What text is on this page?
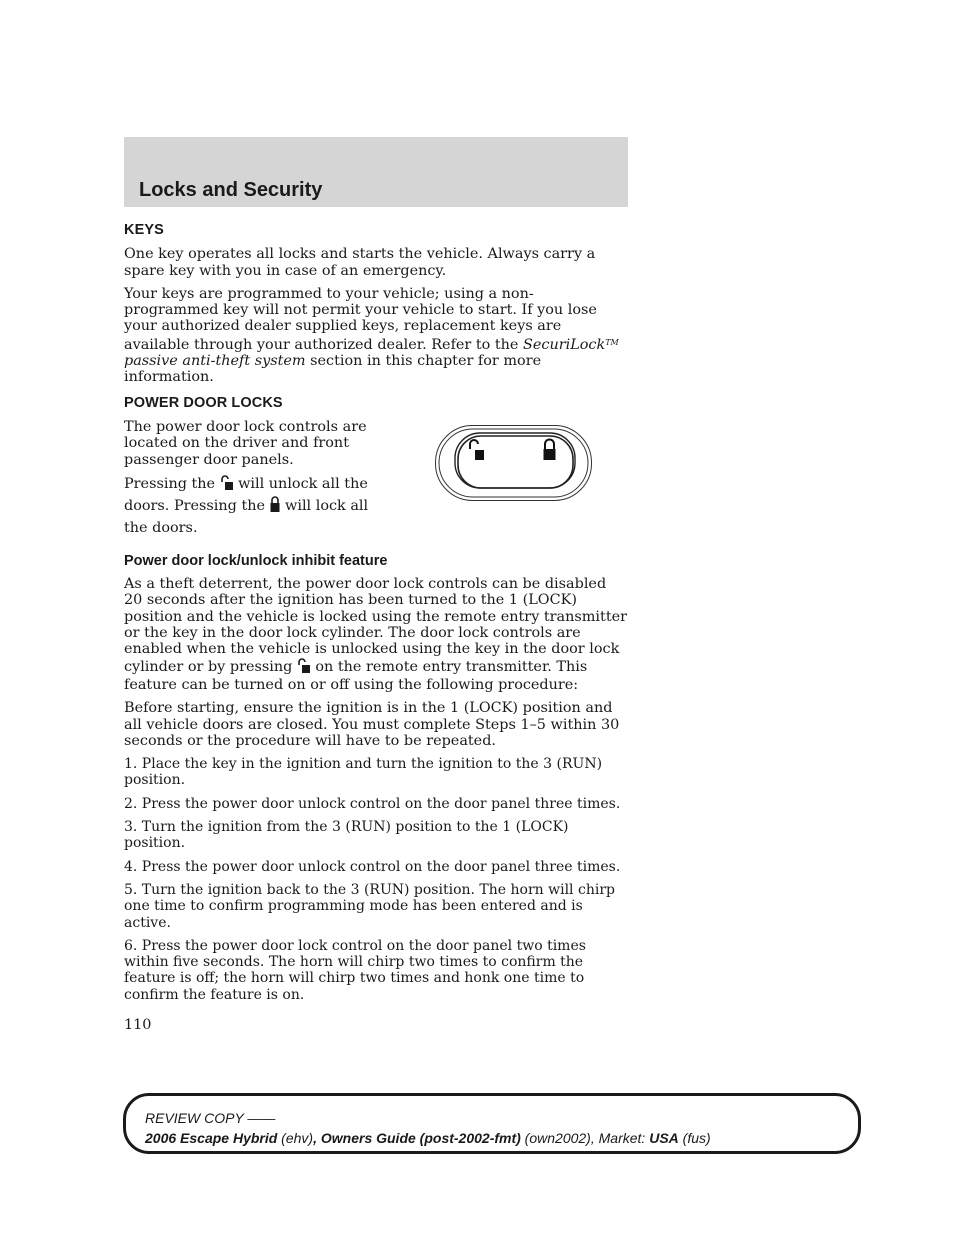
Locks and Security
KEYS

One key operates all locks and starts the vehicle. Always carry a spare key with you in case of an emergency.

Your keys are programmed to your vehicle; using a non-programmed key will not permit your vehicle to start. If you lose your authorized dealer supplied keys, replacement keys are available through your authorized dealer. Refer to the SecuriLock™ passive anti-theft system section in this chapter for more information.

POWER DOOR LOCKS

The power door lock controls are located on the driver and front passenger door panels.

Pressing the will unlock all the doors. Pressing the will lock all the doors.

Power door lock/unlock inhibit feature

As a theft deterrent, the power door lock controls can be disabled 20 seconds after the ignition has been turned to the 1 (LOCK) position and the vehicle is locked using the remote entry transmitter or the key in the door lock cylinder. The door lock controls are enabled when the vehicle is unlocked using the key in the door lock cylinder or by pressing on the remote entry transmitter. This feature can be turned on or off using the following procedure:

Before starting, ensure the ignition is in the 1 (LOCK) position and all vehicle doors are closed. You must complete Steps 1–5 within 30 seconds or the procedure will have to be repeated.

1. Place the key in the ignition and turn the ignition to the 3 (RUN) position.
2. Press the power door unlock control on the door panel three times.
3. Turn the ignition from the 3 (RUN) position to the 1 (LOCK) position.
4. Press the power door unlock control on the door panel three times.
5. Turn the ignition back to the 3 (RUN) position. The horn will chirp one time to confirm programming mode has been entered and is active.
6. Press the power door lock control on the door panel two times within five seconds. The horn will chirp two times to confirm the feature is off; the horn will chirp two times and honk one time to confirm the feature is on.
110
REVIEW COPY ——
2006 Escape Hybrid (ehv), Owners Guide (post-2002-fmt) (own2002), Market: USA (fus)
